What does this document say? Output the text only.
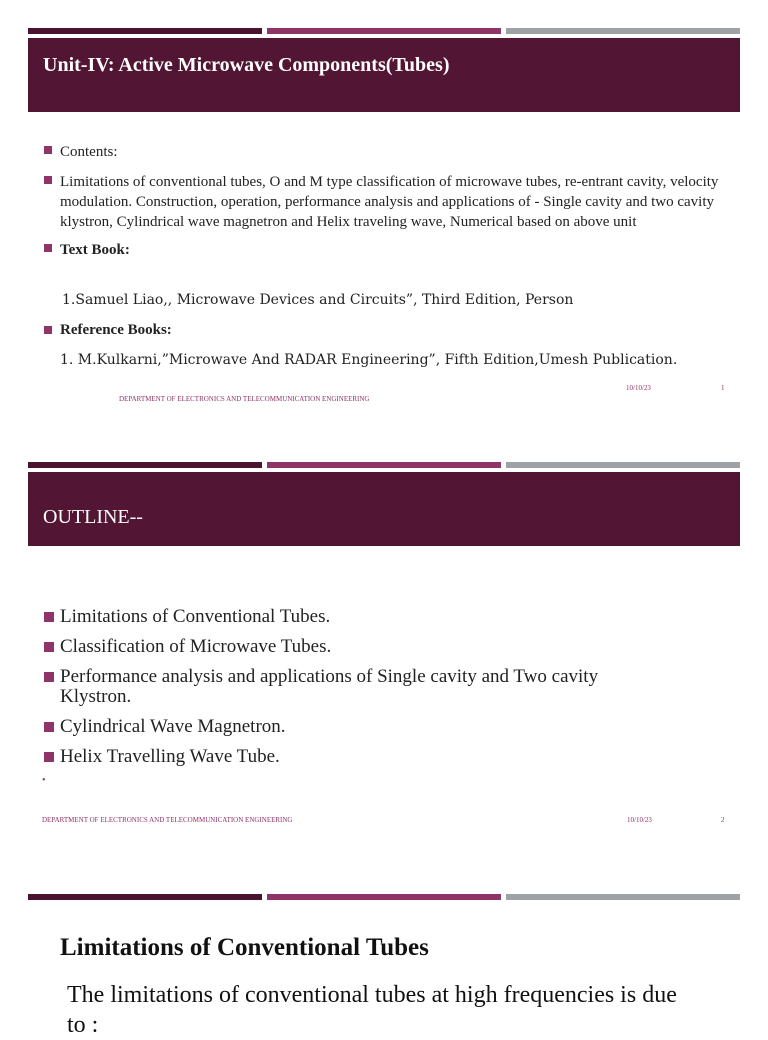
Unit-IV: Active Microwave Components(Tubes)
Contents:
Limitations of conventional tubes, O and M type classification of microwave tubes, re-entrant cavity, velocity modulation. Construction, operation, performance analysis and applications of - Single cavity and two cavity klystron, Cylindrical wave magnetron and Helix traveling wave, Numerical based on above unit
Text Book:
1.Samuel Liao,, Microwave Devices and Circuits”, Third Edition, Person
Reference Books:
1. M.Kulkarni,”Microwave And RADAR Engineering”, Fifth Edition,Umesh Publication.
10/10/23	1
DEPARTMENT OF ELECTRONICS AND TELECOMMUNICATION ENGINEERING
OUTLINE--
Limitations of Conventional Tubes.
Classification of Microwave Tubes.
Performance analysis and applications of Single cavity and Two cavity Klystron.
Cylindrical Wave Magnetron.
Helix Travelling Wave Tube.
•
DEPARTMENT OF ELECTRONICS AND TELECOMMUNICATION ENGINEERING	10/10/23	2
Limitations of Conventional Tubes
The limitations of conventional tubes at high frequencies is due to :
